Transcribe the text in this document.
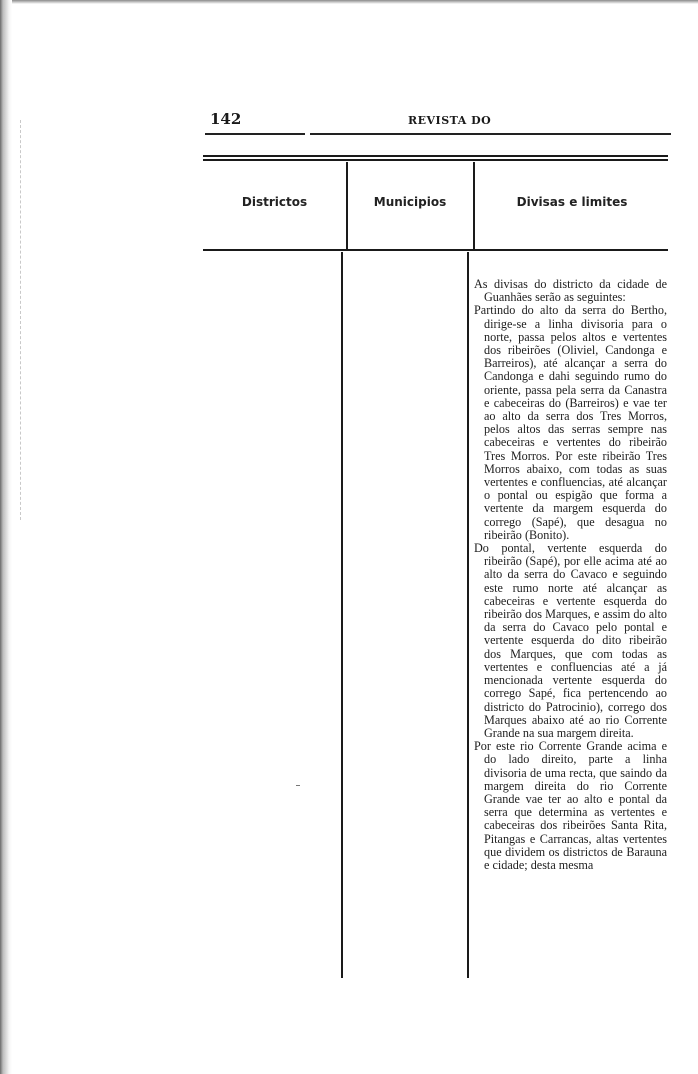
142	REVISTA DO
Districtos	Municipios	Divisas e limites

As divisas do districto da cidade de Guanhães serão as seguintes:

Partindo do alto da serra do Bertho, dirige-se a linha divisoria para o norte, passa pelos altos e vertentes dos ribeirões (Oliviel, Candonga e Barreiros), até alcançar a serra do Candonga e dahi seguindo rumo do oriente, passa pela serra da Canastra e cabeceiras do (Barreiros) e vae ter ao alto da serra dos Tres Morros, pelos altos das serras sempre nas cabeceiras e vertentes do ribeirão Tres Morros. Por este ribeirão Tres Morros abaixo, com todas as suas vertentes e confluencias, até alcançar o pontal ou espigão que forma a vertente da margem esquerda do corrego (Sapé), que desagua no ribeirão (Bonito).

Do pontal, vertente esquerda do ribeirão (Sapé), por elle acima até ao alto da serra do Cavaco e seguindo este rumo norte até alcançar as cabeceiras e vertente esquerda do ribeirão dos Marques, e assim do alto da serra do Cavaco pelo pontal e vertente esquerda do dito ribeirão dos Marques, que com todas as vertentes e confluencias até a já mencionada vertente esquerda do corrego Sapé, fica pertencendo ao districto do Patrocinio), corrego dos Marques abaixo até ao rio Corrente Grande na sua margem direita.

Por este rio Corrente Grande acima e do lado direito, parte a linha divisoria de uma recta, que saindo da margem direita do rio Corrente Grande vae ter ao alto e pontal da serra que determina as vertentes e cabeceiras dos ribeirões Santa Rita, Pitangas e Carrancas, altas vertentes que dividem os districtos de Barauna e cidade; desta mesma
